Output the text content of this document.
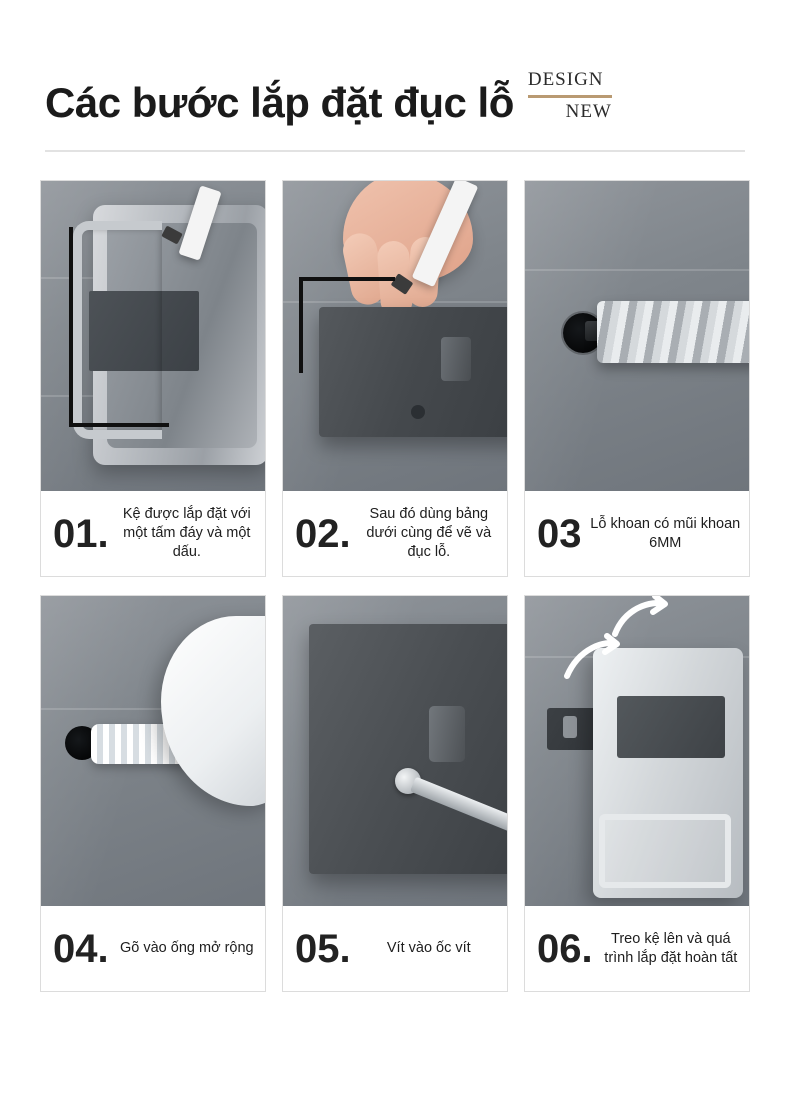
Các bước lắp đặt đục lỗ DESIGN
NEW
01. Kệ được lắp đặt với một tấm đáy và một dấu.	02.	Sau đó dùng bảng dưới cùng để vẽ và đục lỗ.	03 Lỗ khoan có mũi khoan 6MM
04. Gõ vào ống mở rộng 05.	Vít vào ốc vít	06.	Treo kệ lên và quá trình lắp đặt hoàn tất
